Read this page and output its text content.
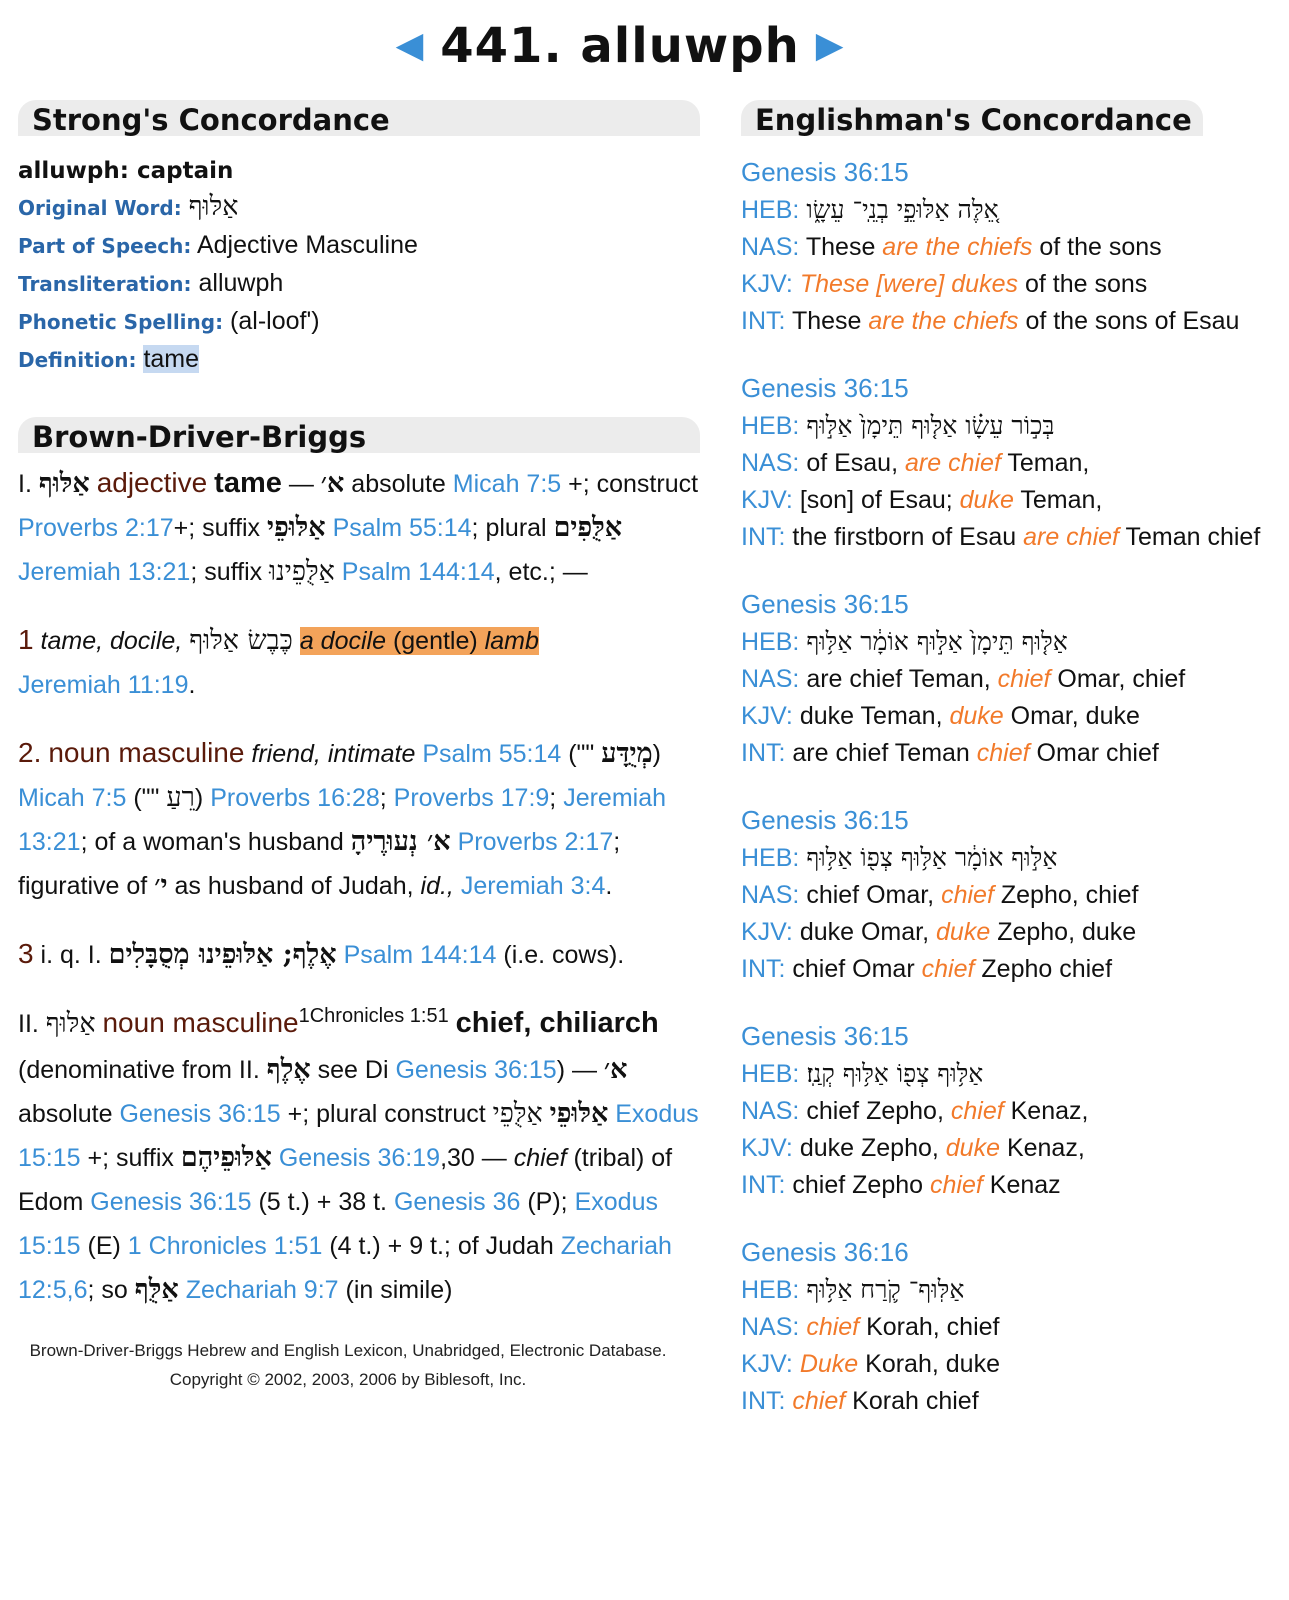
◀ 441. alluwph ▶
Strong's Concordance
alluwph: captain
Original Word: אַלּוּף
Part of Speech: Adjective Masculine
Transliteration: alluwph
Phonetic Spelling: (al-loof')
Definition: tame
Brown-Driver-Briggs

I. אַלּוּף adjective tame — א׳ absolute Micah 7:5 +; construct Proverbs 2:17+; suffix אַלּוּפֵי Psalm 55:14; plural אַלֻּפִים Jeremiah 13:21; suffix אַלֻּפֵינוּ Psalm 144:14, etc.; —

1 tame, docile, כֶּבֶשׂ אַלּוּף a docile (gentle) lamb
Jeremiah 11:19.

2. noun masculine friend, intimate Psalm 55:14 ("" מְיֻדָּע) Micah 7:5 ("" רֵעַ) Proverbs 16:28; Proverbs 17:9; Jeremiah 13:21; of a woman's husband א׳ נְעוּרֶיהָ Proverbs 2:17; figurative of י׳ as husband of Judah, id., Jeremiah 3:4.

3 i. q. I. אֶלֶף; אַלּוּפֵינוּ מְסֻבָּלִים Psalm 144:14 (i.e. cows).

II. אַלּוּף noun masculine$^{1Chronicles 1:51}$ chief, chiliarch (denominative from II. אֶלֶף see Di Genesis 36:15) — א׳ absolute Genesis 36:15 +; plural construct אַלּוּפֵי אַלֻּפֵי	Exodus 15:15 +; suffix אַלּוּפֵיהֶם Genesis 36:19,30 — chief (tribal) of Edom Genesis 36:15 (5 t.) + 38 t. Genesis 36 (P); Exodus 15:15 (E) 1 Chronicles 1:51 (4 t.) + 9 t.; of Judah Zechariah 12:5,6; so אַלֻּף Zechariah 9:7 (in simile)

Brown-Driver-Briggs Hebrew and English Lexicon, Unabridged, Electronic Database.
Copyright © 2002, 2003, 2006 by Biblesoft, Inc.
Englishman's Concordance
Genesis 36:15
HEB: אֵ֚לֶּה אַלּוּפֵ֣י בְנֵֽי־ עֵשָׂ֑ו
NAS: These are the chiefs of the sons
KJV: These [were] dukes of the sons
INT: These are the chiefs of the sons of Esau
Genesis 36:15
HEB: בְּכ֣וֹר עֵשָׂ֗ו אַלּ֤וּף תֵּימָן֙ אַלּ֣וּף
NAS: of Esau, are chief Teman,
KJV: [son] of Esau; duke Teman,
INT: the firstborn of Esau are chief Teman chief
Genesis 36:15
HEB: אַלּ֤וּף תֵּימָן֙ אַלּ֣וּף אוֹמָ֔ר אַלּ֥וּף
NAS: are chief Teman, chief Omar, chief
KJV: duke Teman, duke Omar, duke
INT: are chief Teman chief Omar chief
Genesis 36:15
HEB: אַלּ֣וּף אוֹמָ֔ר אַלּ֥וּף צְפ֖וֹ אַלּ֥וּף
NAS: chief Omar, chief Zepho, chief
KJV: duke Omar, duke Zepho, duke
INT: chief Omar chief Zepho chief
Genesis 36:15
HEB: אַלּ֥וּף צְפ֖וֹ אַלּ֥וּף קְנַֽז׃
NAS: chief Zepho, chief Kenaz,
KJV: duke Zepho, duke Kenaz,
INT: chief Zepho chief Kenaz
Genesis 36:16
HEB: אַלּֽוּף־ קֹ֛רַח אַלּ֥וּף
NAS: chief Korah, chief
KJV: Duke Korah, duke
INT: chief Korah chief
